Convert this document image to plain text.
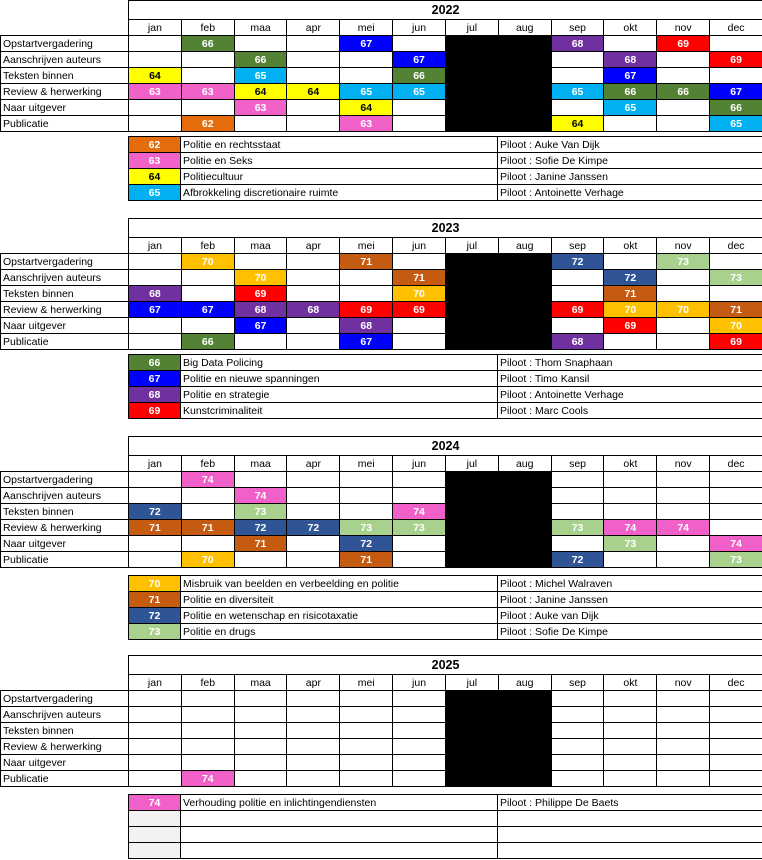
	2022											
	jan	feb	maa	apr	mei	jun	jul	aug	sep	okt	nov	dec
Opstartvergadering		66			67				68		69	
Aanschrijven auteurs			66			67				68		69
Teksten binnen	64		65			66				67		
Review & herwerking	63	63	64	64	65	65			65	66	66	67
Naar uitgever			63		64					65		66
Publicatie		62			63				64			65
62	Politie en rechtsstaat	Piloot : Auke Van Dijk
63	Politie en Seks	Piloot : Sofie De Kimpe
64	Politiecultuur	Piloot : Janine Janssen
65	Afbrokkeling discretionaire ruimte	Piloot : Antoinette Verhage
	2023											
	jan	feb	maa	apr	mei	jun	jul	aug	sep	okt	nov	dec
Opstartvergadering		70			71				72		73	
Aanschrijven auteurs			70			71				72		73
Teksten binnen	68		69			70				71		
Review & herwerking	67	67	68	68	69	69			69	70	70	71
Naar uitgever			67		68					69		70
Publicatie		66			67				68			69
66	Big Data Policing	Piloot : Thom Snaphaan
67	Politie en nieuwe spanningen	Piloot : Timo Kansil
68	Politie en strategie	Piloot : Antoinette Verhage
69	Kunstcriminaliteit	Piloot : Marc Cools
	2024											
	jan	feb	maa	apr	mei	jun	jul	aug	sep	okt	nov	dec
Opstartvergadering		74										
Aanschrijven auteurs			74									
Teksten binnen	72		73			74						
Review & herwerking	71	71	72	72	73	73			73	74	74	
Naar uitgever			71		72					73		74
Publicatie		70			71				72			73
70	Misbruik van beelden en verbeelding en politie	Piloot : Michel Walraven
71	Politie en diversiteit	Piloot : Janine Janssen
72	Politie en wetenschap en risicotaxatie	Piloot : Auke van Dijk
73	Politie en drugs	Piloot : Sofie De Kimpe
	2025											
	jan	feb	maa	apr	mei	jun	jul	aug	sep	okt	nov	dec
Opstartvergadering												
Aanschrijven auteurs												
Teksten binnen												
Review & herwerking												
Naar uitgever												
Publicatie		74										
74	Verhouding politie en inlichtingendiensten	Piloot : Philippe De Baets
